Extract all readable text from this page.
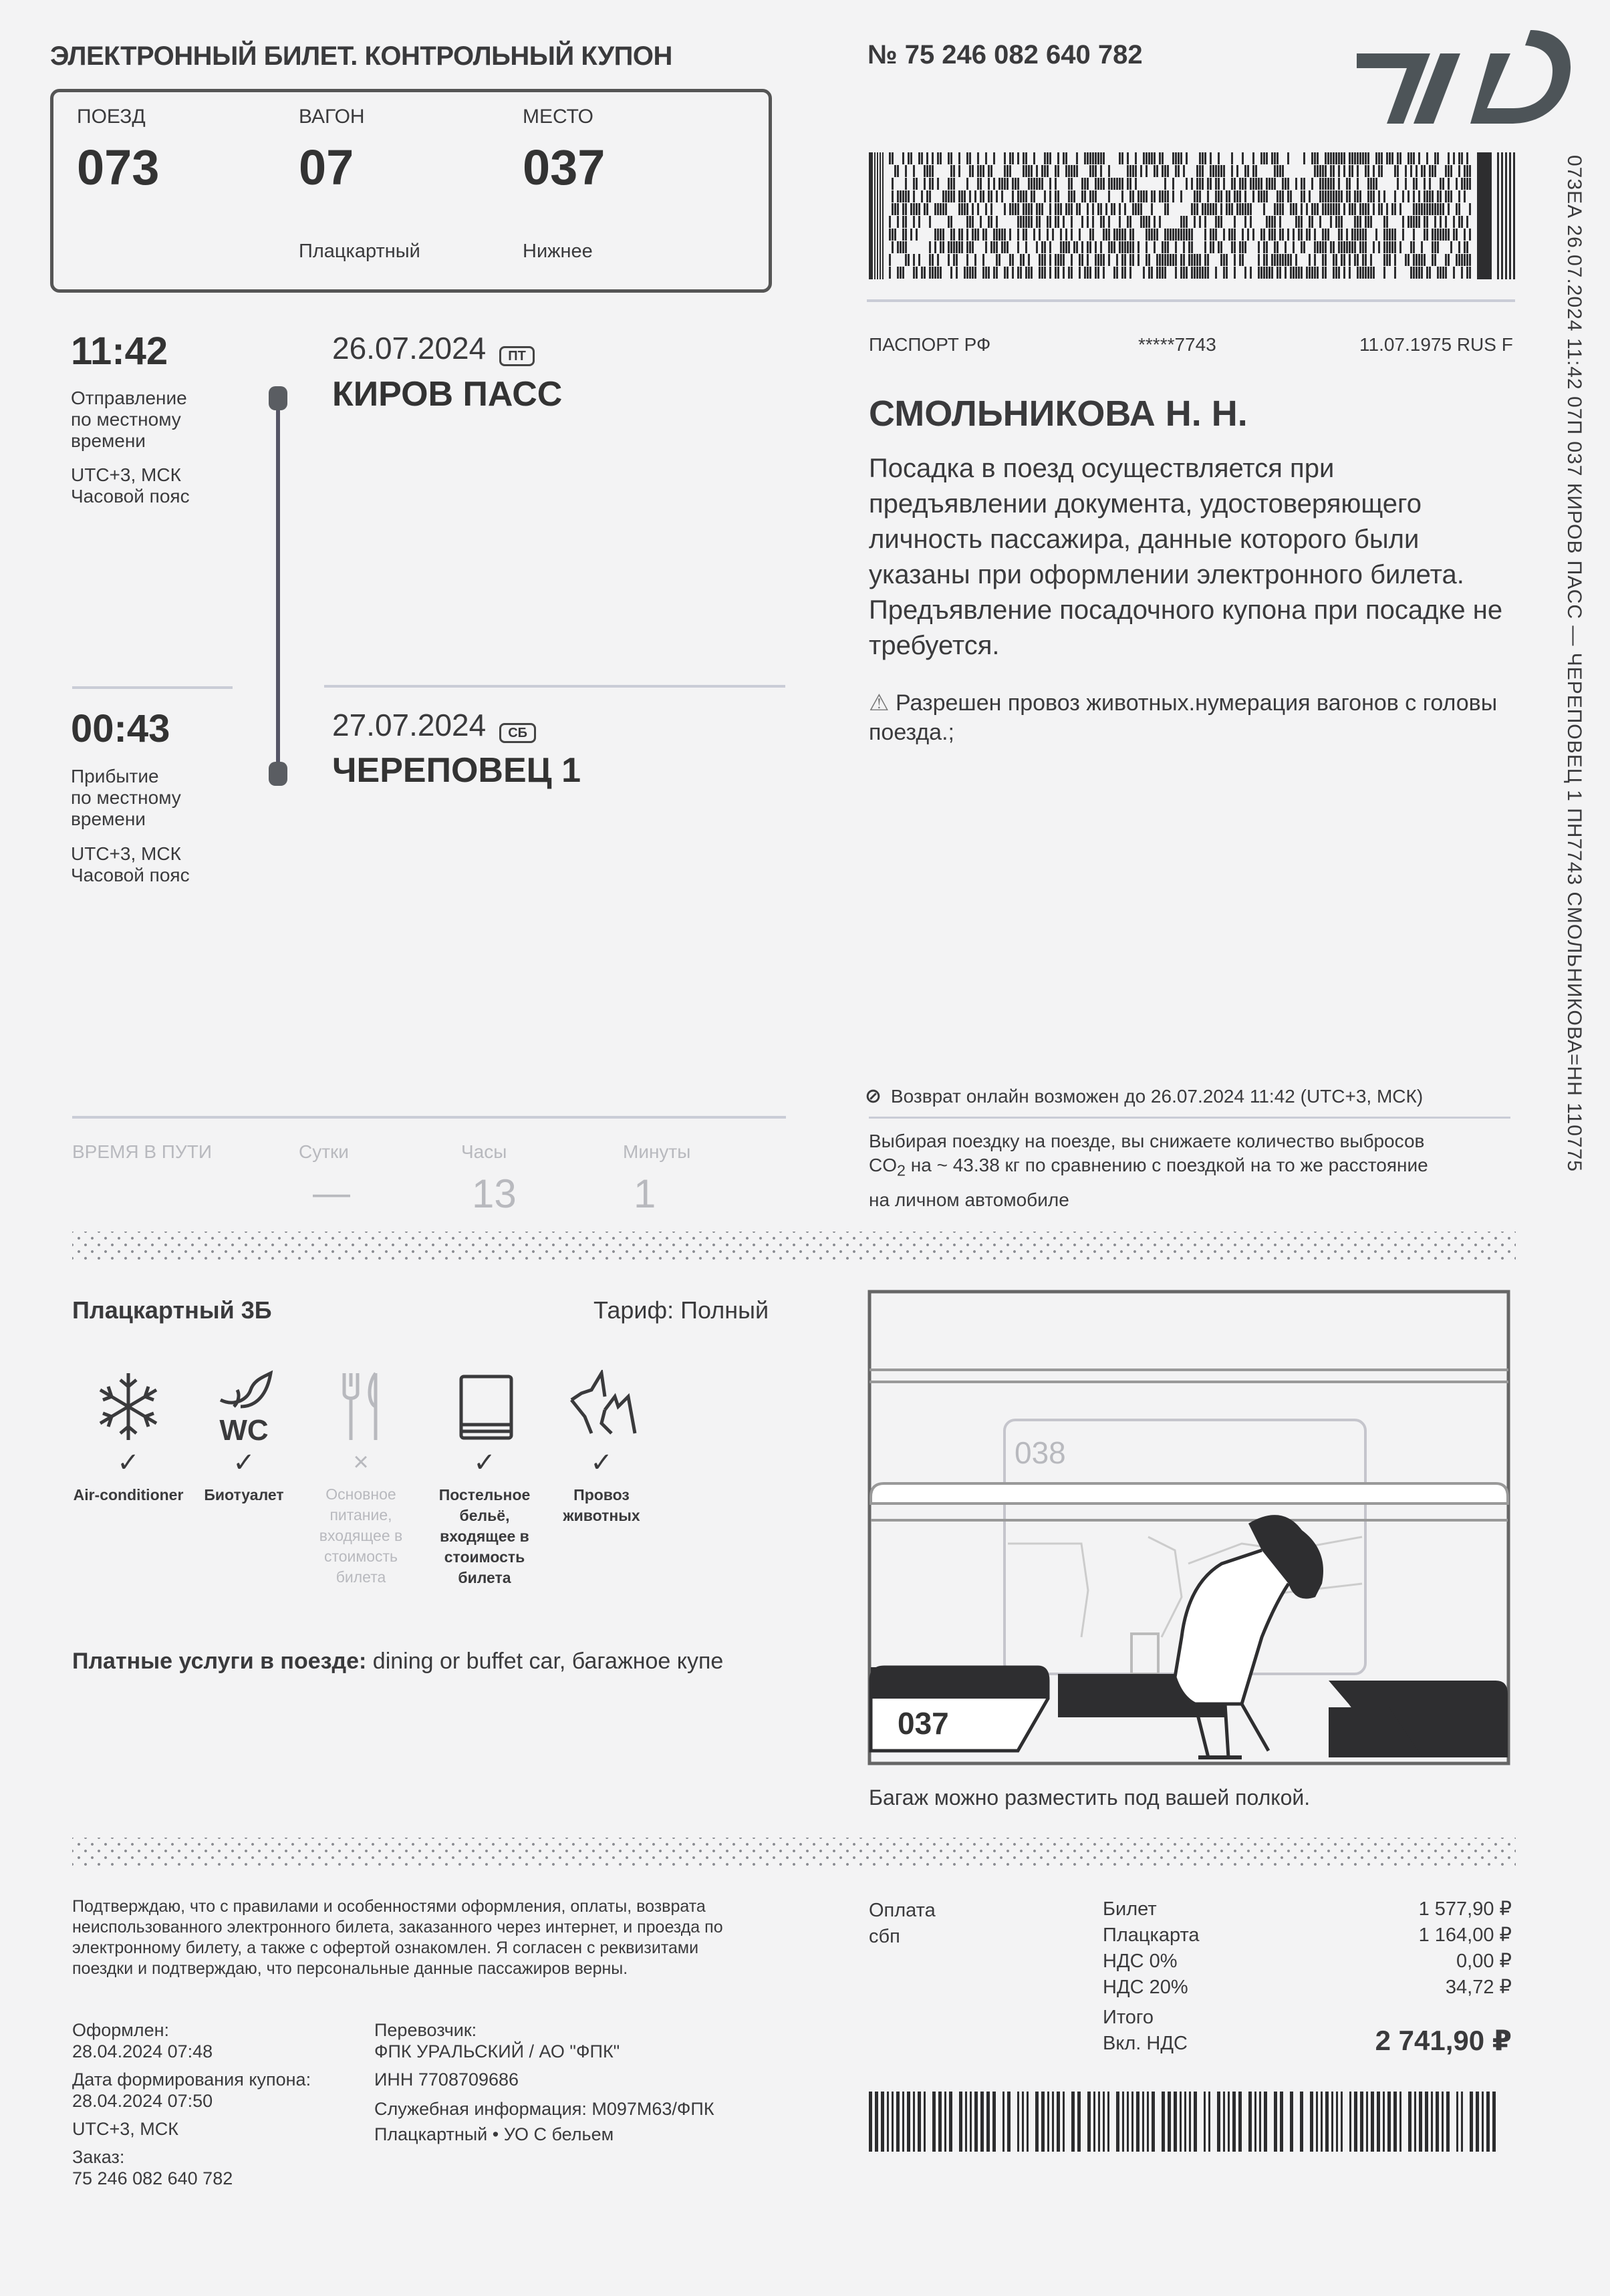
ЭЛЕКТРОННЫЙ БИЛЕТ. КОНТРОЛЬНЫЙ КУПОН	№ 75 246 082 640 782
ПОЕЗД
073
ВАГОН
07
Плацкартный
МЕСТО
037
Нижнее	073ЕА 26.07.2024 11:42 07П 037 КИРОВ ПАСС — ЧЕРЕПОВЕЦ 1 ПН7743 СМОЛЬНИКОВА=НН 110775
11:42
Отправление
по местному
времени
UTC+3, МСК
Часовой пояс
26.07.2024 ПТ
КИРОВ ПАСС
00:43
Прибытие
по местному
времени
UTC+3, МСК
Часовой пояс
27.07.2024 СБ
ЧЕРЕПОВЕЦ 1
ПАСПОРТ РФ	*****7743	11.07.1975 RUS F
СМОЛЬНИКОВА Н. Н.
Посадка в поезд осуществляется при предъявлении документа, удостоверяющего личность пассажира, данные которого были указаны при оформлении электронного билета. Предъявление посадочного купона при посадке не требуется.
⚠ Разрешен провоз животных.нумерация вагонов с головы поезда.;
⊘ Возврат онлайн возможен до 26.07.2024 11:42 (UTC+3, МСК)
Выбирая поездку на поезде, вы снижаете количество выбросов
$CO_2$ на ~ 43.38 кг по сравнению с поездкой на то же расстояние
на личном автомобиле
ВРЕМЯ В ПУТИ	Сутки	Часы	Минуты
—	13	1
Плацкартный 3Б	Тариф: Полный
✓
Air-conditioner
WC
✓
Биотуалет
×
Основное питание, входящее в стоимость билета
✓
Постельное бельё, входящее в стоимость билета
✓
Провоз животных
Платные услуги в поезде: dining or buffet car, багажное купе
038
037
Багаж можно разместить под вашей полкой.
Подтверждаю, что с правилами и особенностями оформления, оплаты, возврата неиспользованного электронного билета, заказанного через интернет, и проезда по электронному билету, а также с офертой ознакомлен. Я согласен с реквизитами поездки и подтверждаю, что персональные данные пассажиров верны.
Оформлен:
28.04.2024 07:48
Дата формирования купона:
28.04.2024 07:50
UTC+3, МСК
Заказ:
75 246 082 640 782
Перевозчик:
ФПК УРАЛЬСКИЙ / АО "ФПК"
ИНН 7708709686
Служебная информация: М097М63/ФПК
Плацкартный • УО С бельем
Оплата
сбп
Билет	1 577,90 ₽
Плацкарта	1 164,00 ₽
НДС 0%	0,00 ₽
НДС 20%	34,72 ₽
Итого
Вкл. НДС	2 741,90 ₽
